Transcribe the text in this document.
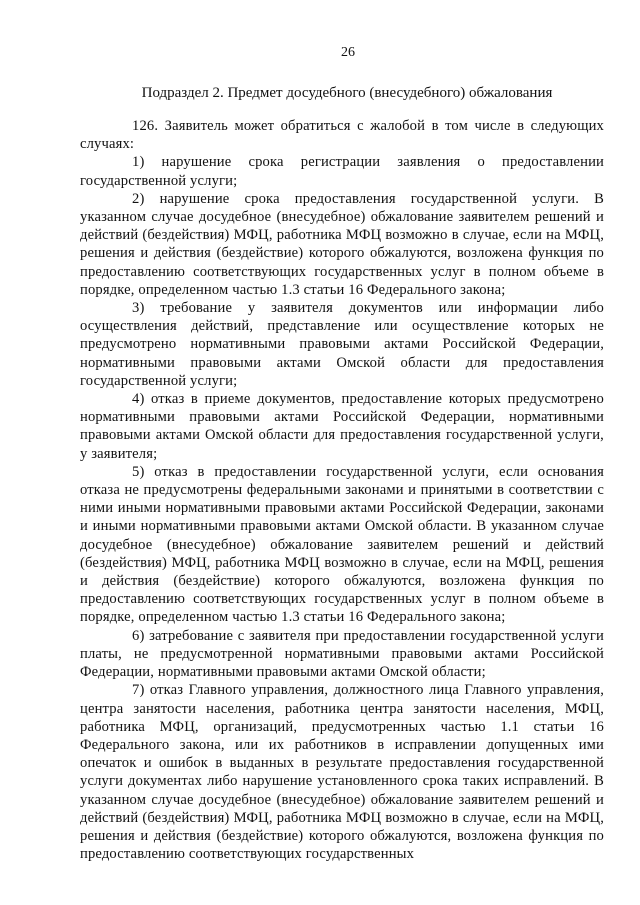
26
Подраздел 2. Предмет досудебного (внесудебного) обжалования

126. Заявитель может обратиться с жалобой в том числе в следующих случаях:

1) нарушение срока регистрации заявления о предоставлении государственной услуги;

2) нарушение срока предоставления государственной услуги. В указанном случае досудебное (внесудебное) обжалование заявителем решений и действий (бездействия) МФЦ, работника МФЦ возможно в случае, если на МФЦ, решения и действия (бездействие) которого обжалуются, возложена функция по предоставлению соответствующих государственных услуг в полном объеме в порядке, определенном частью 1.3 статьи 16 Федерального закона;

3) требование у заявителя документов или информации либо осуществления действий, представление или осуществление которых не предусмотрено нормативными правовыми актами Российской Федерации, нормативными правовыми актами Омской области для предоставления государственной услуги;

4) отказ в приеме документов, предоставление которых предусмотрено нормативными правовыми актами Российской Федерации, нормативными правовыми актами Омской области для предоставления государственной услуги, у заявителя;

5) отказ в предоставлении государственной услуги, если основания отказа не предусмотрены федеральными законами и принятыми в соответствии с ними иными нормативными правовыми актами Российской Федерации, законами и иными нормативными правовыми актами Омской области. В указанном случае досудебное (внесудебное) обжалование заявителем решений и действий (бездействия) МФЦ, работника МФЦ возможно в случае, если на МФЦ, решения и действия (бездействие) которого обжалуются, возложена функция по предоставлению соответствующих государственных услуг в полном объеме в порядке, определенном частью 1.3 статьи 16 Федерального закона;

6) затребование с заявителя при предоставлении государственной услуги платы, не предусмотренной нормативными правовыми актами Российской Федерации, нормативными правовыми актами Омской области;

7) отказ Главного управления, должностного лица Главного управления, центра занятости населения, работника центра занятости населения, МФЦ, работника МФЦ, организаций, предусмотренных частью 1.1 статьи 16 Федерального закона, или их работников в исправлении допущенных ими опечаток и ошибок в выданных в результате предоставления государственной услуги документах либо нарушение установленного срока таких исправлений. В указанном случае досудебное (внесудебное) обжалование заявителем решений и действий (бездействия) МФЦ, работника МФЦ возможно в случае, если на МФЦ, решения и действия (бездействие) которого обжалуются, возложена функция по предоставлению соответствующих государственных
